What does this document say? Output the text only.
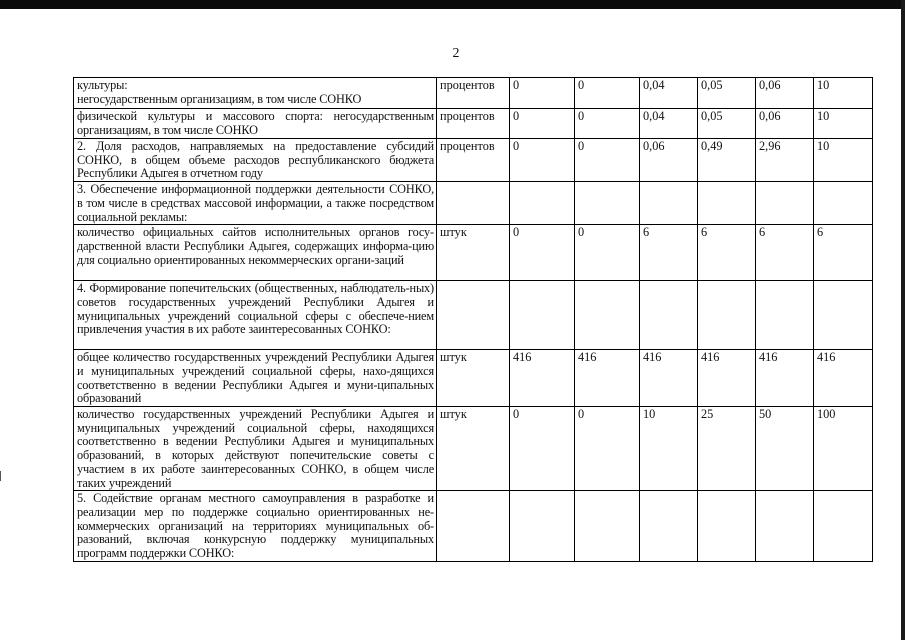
2
культуры:
негосударственным организациям, в том числе СОНКО	процентов	0	0	0,04	0,05	0,06	10
физической культуры и массового спорта: негосударственным организациям, в том числе СОНКО	процентов	0	0	0,04	0,05	0,06	10
2. Доля расходов, направляемых на предоставление субсидий СОНКО, в общем объеме расходов республиканского бюджета Республики Адыгея в отчетном году	процентов	0	0	0,06	0,49	2,96	10
3. Обеспечение информационной поддержки деятельности СОНКО, в том числе в средствах массовой информации, а также посредством социальной рекламы:							
количество официальных сайтов исполнительных органов госу-дарственной власти Республики Адыгея, содержащих информа-цию для социально ориентированных некоммерческих органи-заций	штук	0	0	6	6	6	6
4. Формирование попечительских (общественных, наблюдатель-ных) советов государственных учреждений Республики Адыгея и муниципальных учреждений социальной сферы с обеспече-нием привлечения участия в их работе заинтересованных СОНКО:							
общее количество государственных учреждений Республики Адыгея и муниципальных учреждений социальной сферы, нахо-дящихся соответственно в ведении Республики Адыгея и муни-ципальных образований	штук	416	416	416	416	416	416
количество государственных учреждений Республики Адыгея и муниципальных учреждений социальной сферы, находящихся соответственно в ведении Республики Адыгея и муниципальных образований, в которых действуют попечительские советы с участием в их работе заинтересованных СОНКО, в общем числе таких учреждений	штук	0	0	10	25	50	100
5. Содействие органам местного самоуправления в разработке и реализации мер по поддержке социально ориентированных не-коммерческих организаций на территориях муниципальных об-разований, включая конкурсную поддержку муниципальных программ поддержки СОНКО:							
